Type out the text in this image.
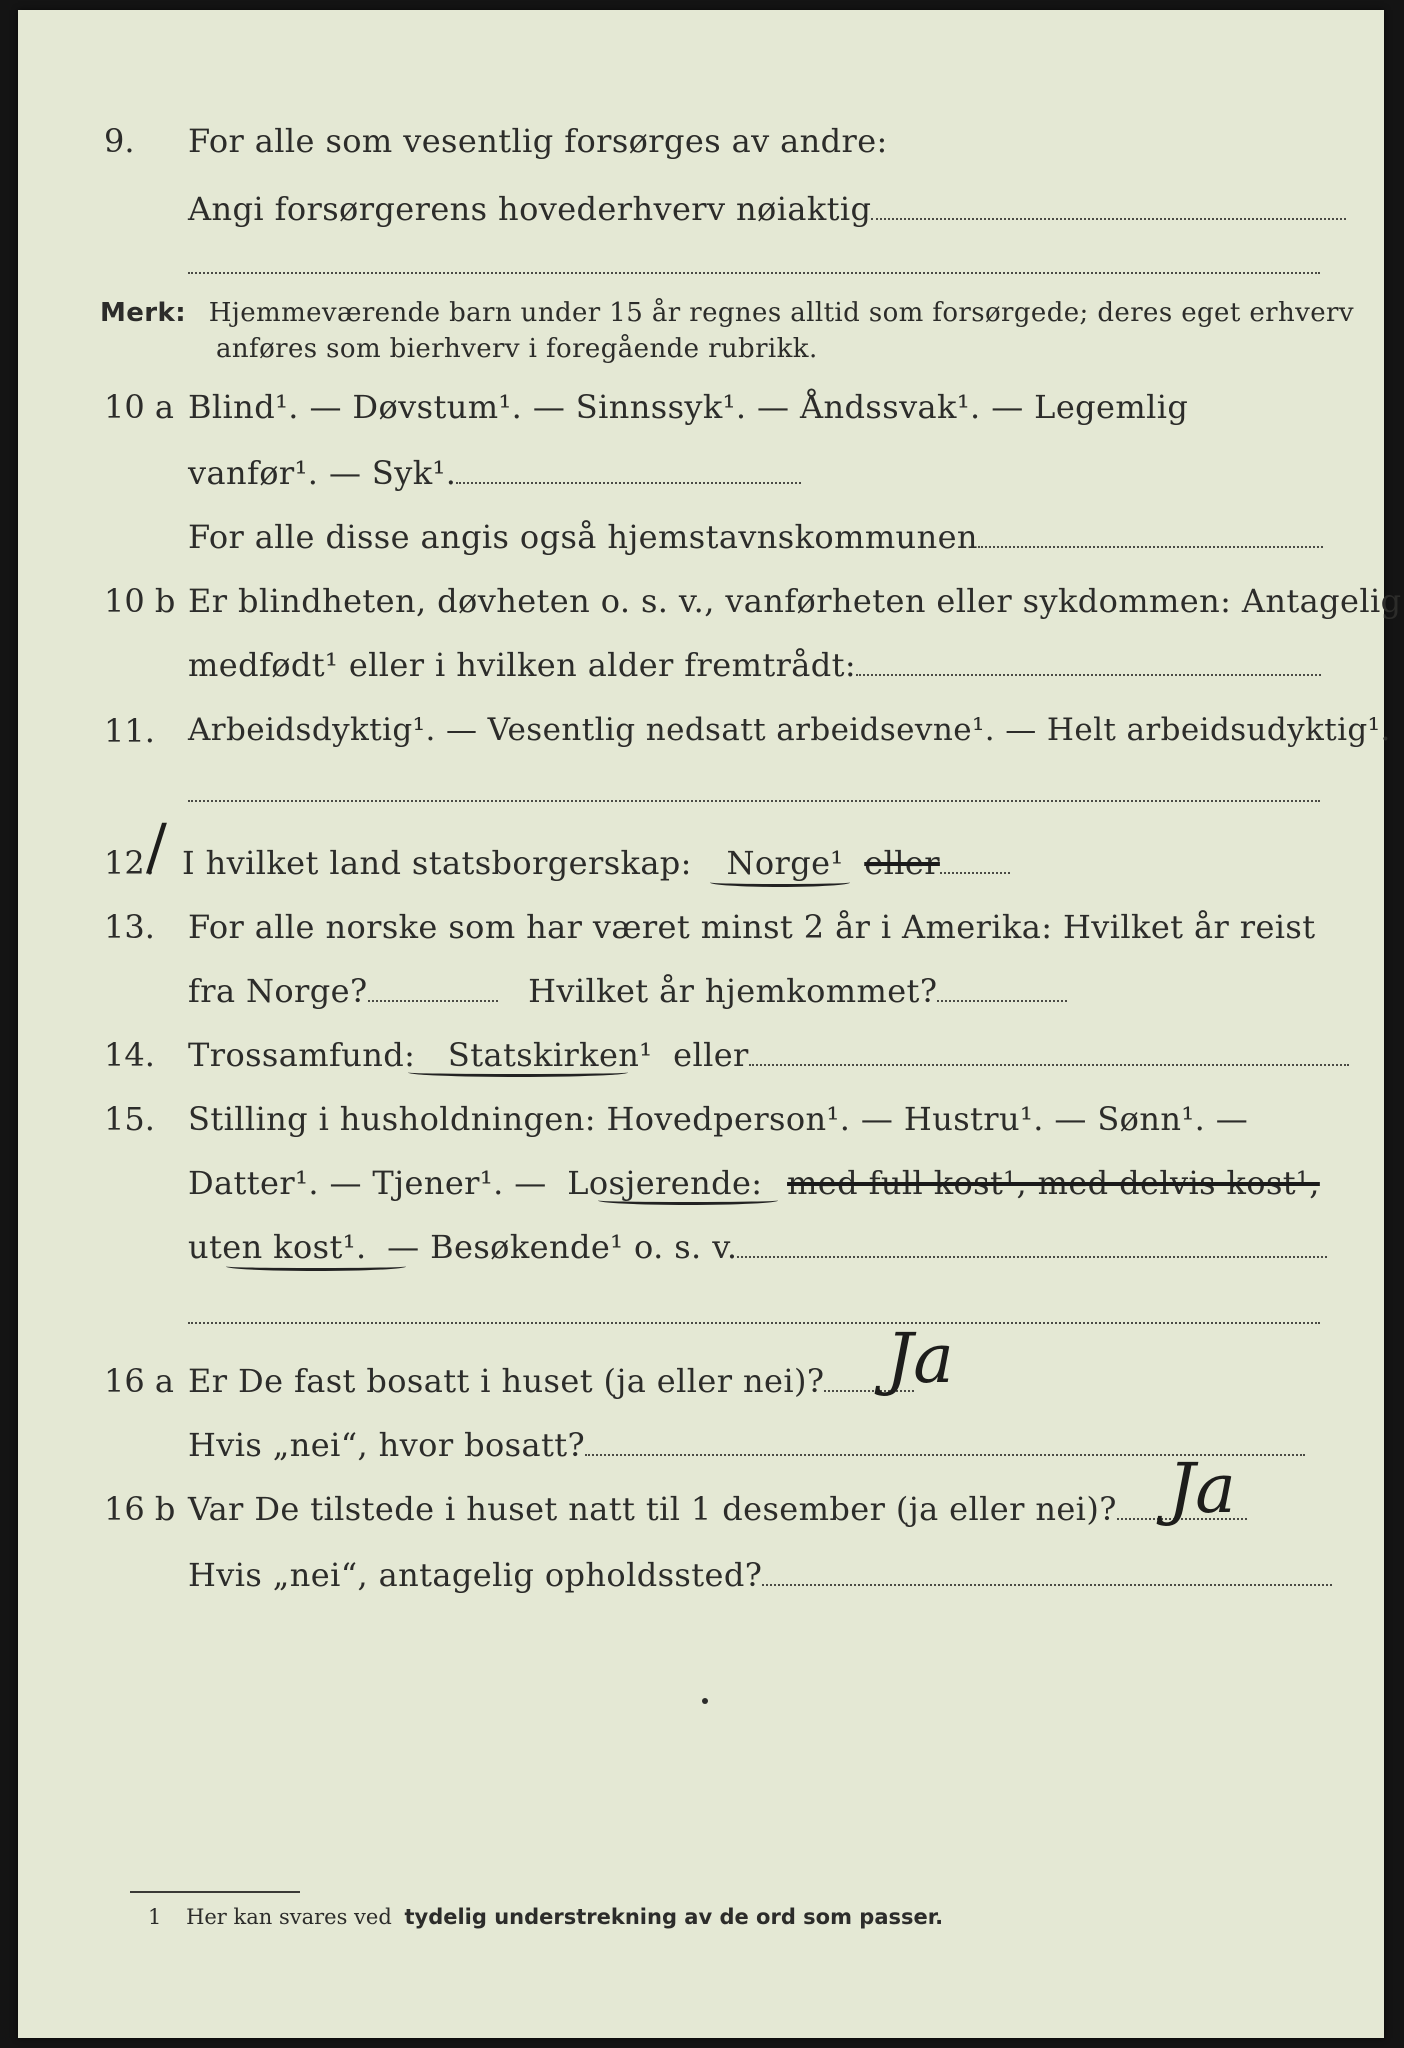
9. For alle som vesentlig forsørges av andre:
Angi forsørgerens hovederhverv nøiaktig
Merk: Hjemmeværende barn under 15 år regnes alltid som forsørgede; deres eget erhverv
anføres som bierhverv i foregående rubrikk.
10 a Blind¹. — Døvstum¹. — Sinnssyk¹. — Åndssvak¹. — Legemlig
vanfør¹. — Syk¹.
For alle disse angis også hjemstavnskommunen
10 b Er blindheten, døvheten o. s. v., vanførheten eller sykdommen: Antagelig
medfødt¹ eller i hvilken alder fremtrådt:
11. Arbeidsdyktig¹. — Vesentlig nedsatt arbeidsevne¹. — Helt arbeidsudyktig¹.
12.
/ I hvilket land statsborgerskap: Norge¹ eller
13. For alle norske som har været minst 2 år i Amerika: Hvilket år reist
fra Norge?	Hvilket år hjemkommet?
14. Trossamfund: Statskirken¹ eller
15. Stilling i husholdningen: Hovedperson¹. — Hustru¹. — Sønn¹. —
Datter¹. — Tjener¹. — Losjerende: med full kost¹, med delvis kost¹,
uten kost¹. — Besøkende¹ o. s. v.
16 a Er De fast bosatt i huset (ja eller nei)? Ja
Hvis „nei“, hvor bosatt?
16 b Var De tilstede i huset natt til 1 desember (ja eller nei)? Ja
Hvis „nei“, antagelig opholdssted?
1 Her kan svares ved tydelig understrekning av de ord som passer.
